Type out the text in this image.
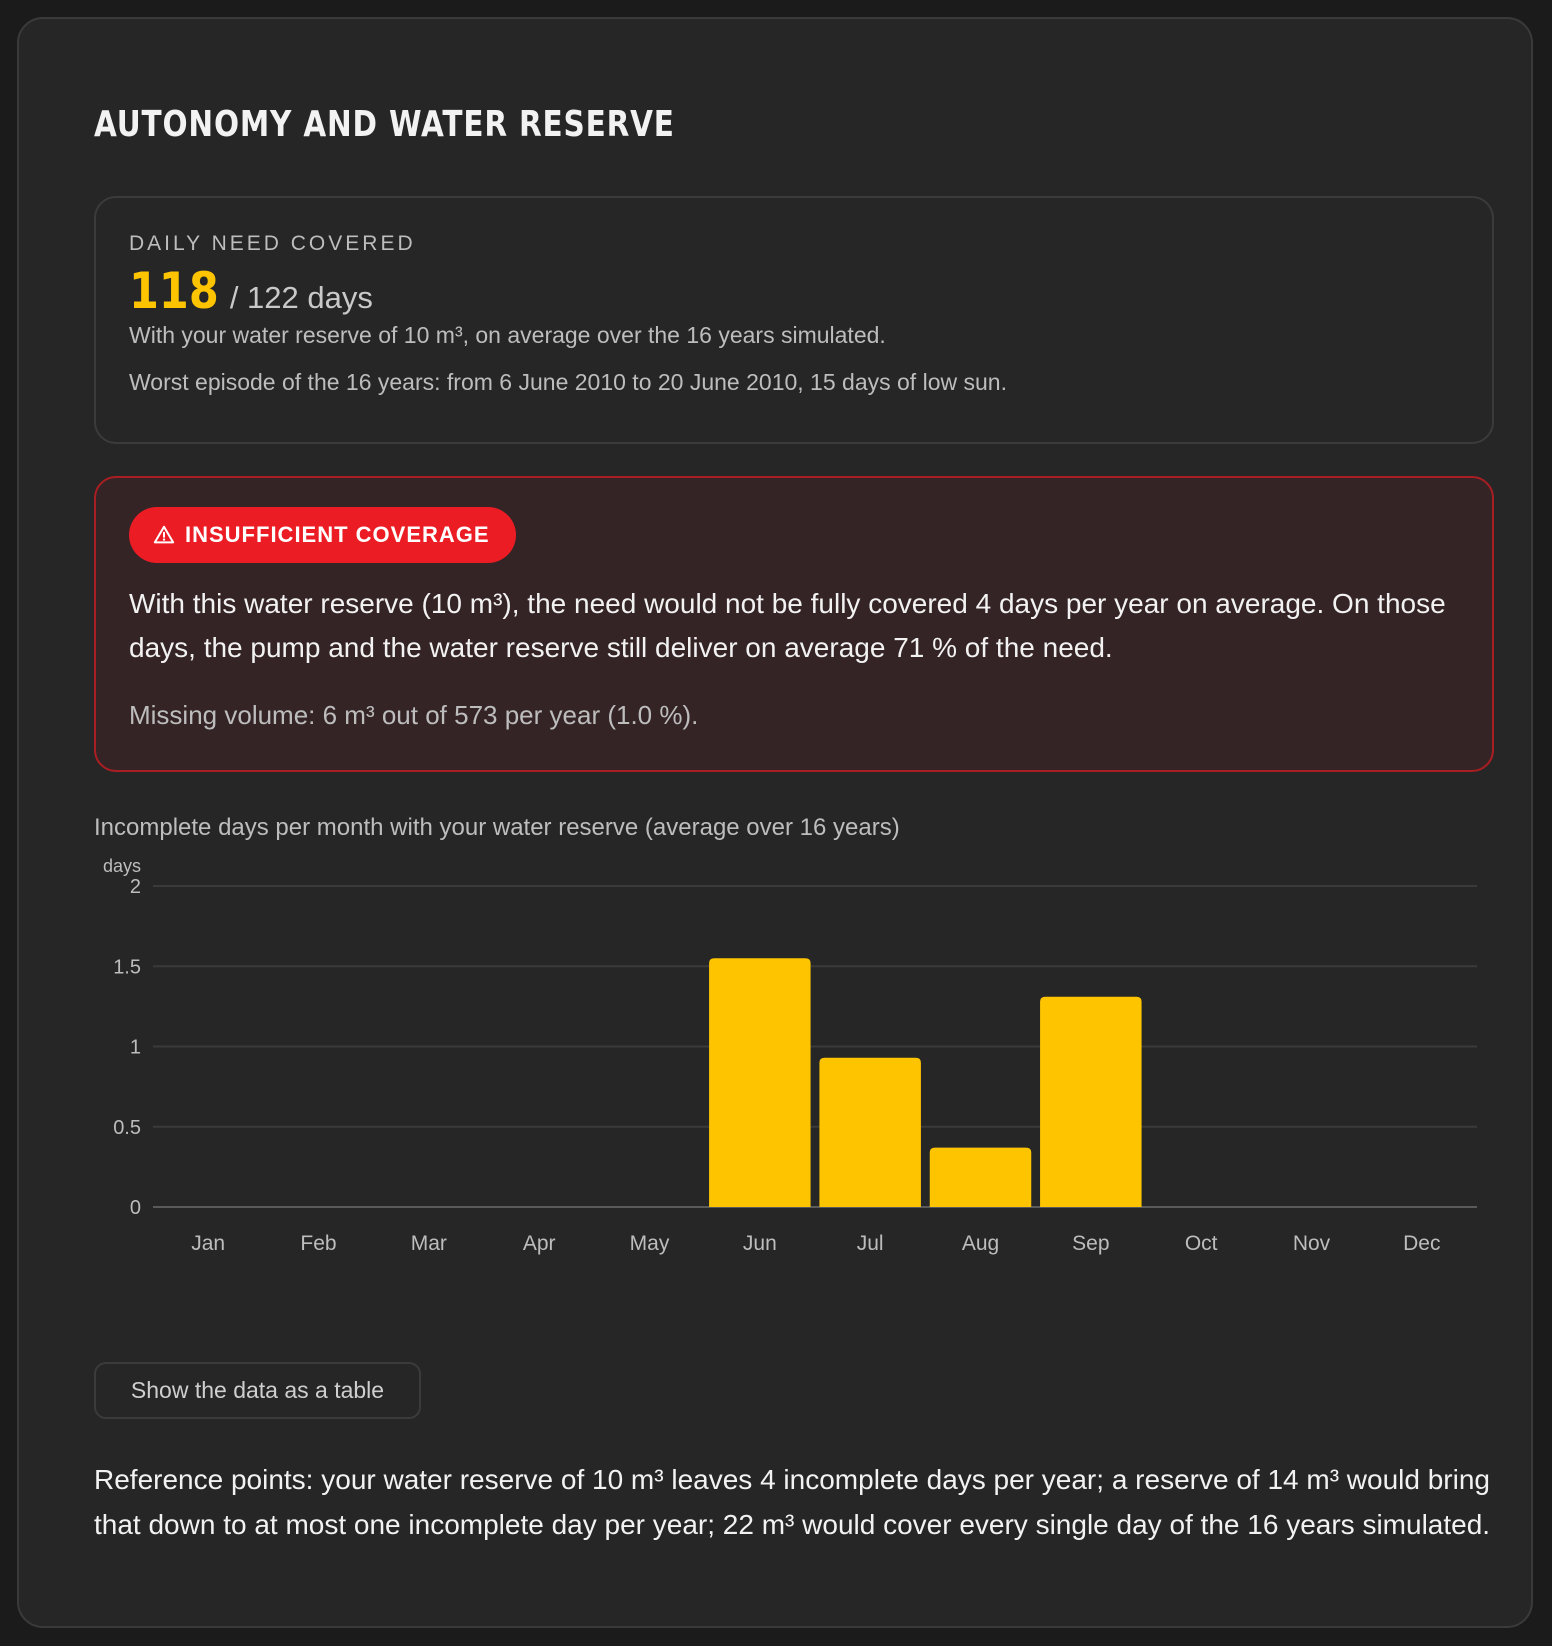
AUTONOMY AND WATER RESERVE
DAILY NEED COVERED
118 / 122 days
With your water reserve of 10 m³, on average over the 16 years simulated.
Worst episode of the 16 years: from 6 June 2010 to 20 June 2010, 15 days of low sun.
INSUFFICIENT COVERAGE

With this water reserve (10 m³), the need would not be fully covered 4 days per year on average. On those days, the pump and the water reserve still deliver on average 71 % of the need.

Missing volume: 6 m³ out of 573 per year (1.0 %).
Incomplete days per month with your water reserve (average over 16 years)
days
0
0.5
1
1.5
2
Jan	Feb	Mar	Apr	May	Jun	Jul	Aug	Sep	Oct	Nov	Dec
Show the data as a table

Reference points: your water reserve of 10 m³ leaves 4 incomplete days per year; a reserve of 14 m³ would bring that down to at most one incomplete day per year; 22 m³ would cover every single day of the 16 years simulated.
